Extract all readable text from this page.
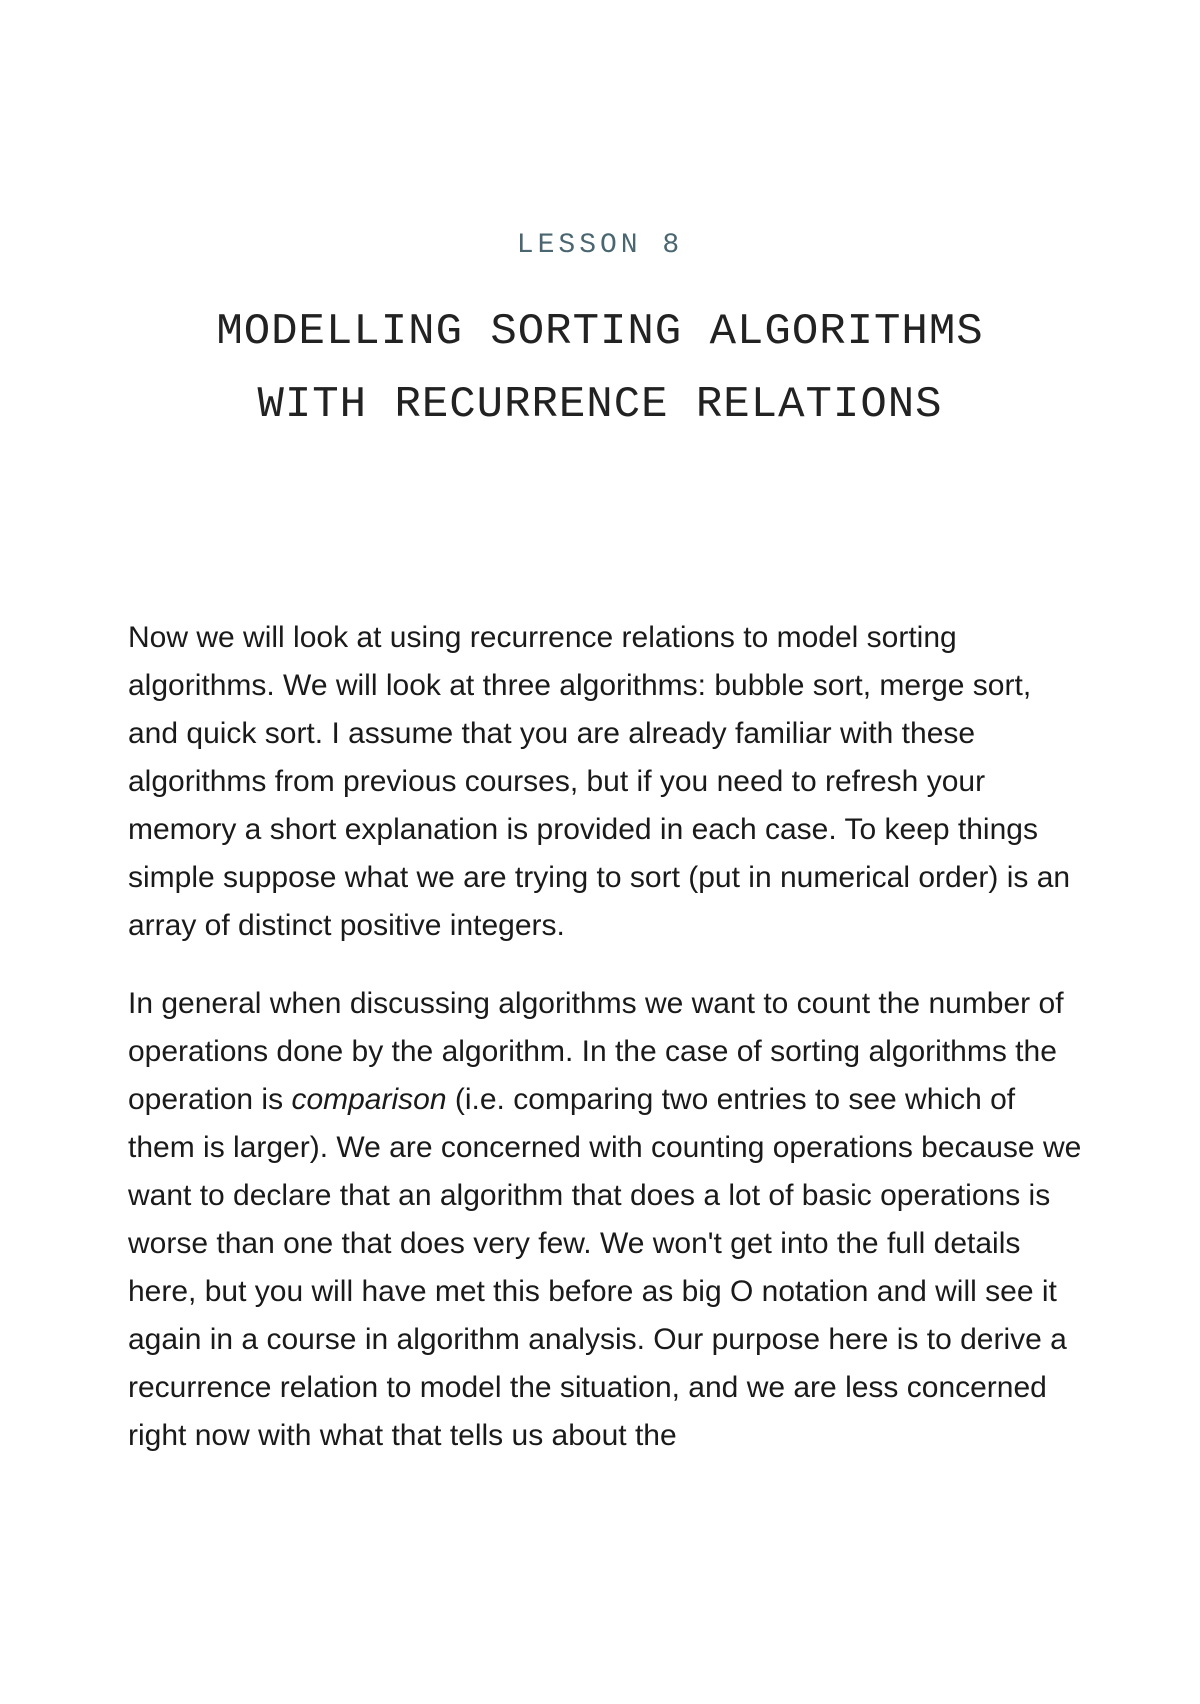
LESSON 8
MODELLING SORTING ALGORITHMS
WITH RECURRENCE RELATIONS

Now we will look at using recurrence relations to model sorting algorithms. We will look at three algorithms: bubble sort, merge sort, and quick sort. I assume that you are already familiar with these algorithms from previous courses, but if you need to refresh your memory a short explanation is provided in each case. To keep things simple suppose what we are trying to sort (put in numerical order) is an array of distinct positive integers.

In general when discussing algorithms we want to count the number of operations done by the algorithm. In the case of sorting algorithms the operation is comparison (i.e. comparing two entries to see which of them is larger). We are concerned with counting operations because we want to declare that an algorithm that does a lot of basic operations is worse than one that does very few. We won't get into the full details here, but you will have met this before as big O notation and will see it again in a course in algorithm analysis. Our purpose here is to derive a recurrence relation to model the situation, and we are less concerned right now with what that tells us about the
